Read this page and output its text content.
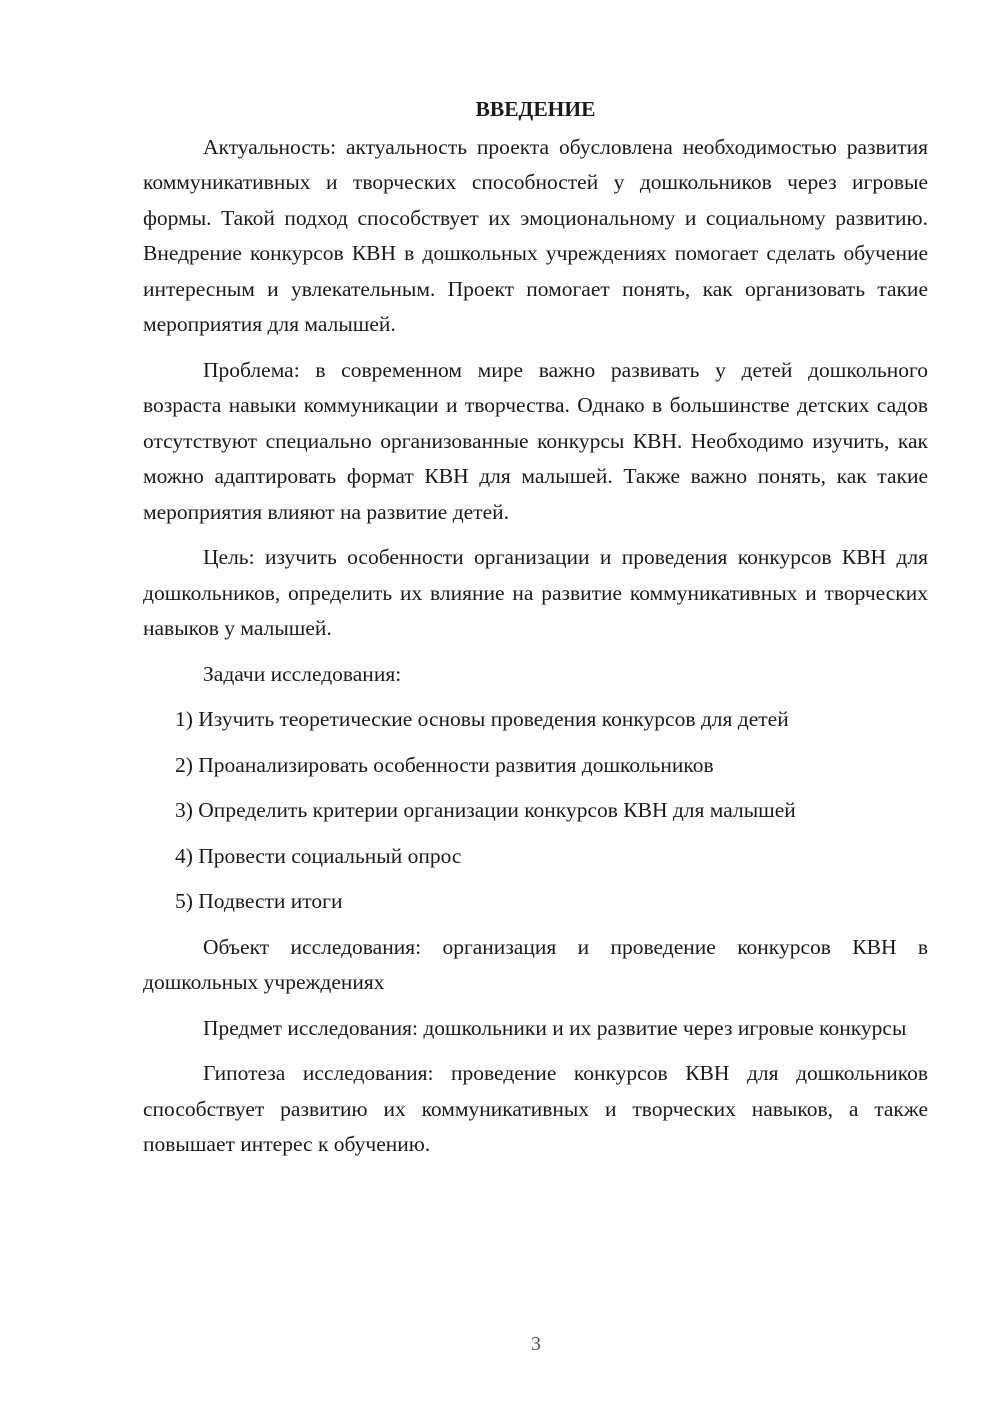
ВВЕДЕНИЕ

Актуальность: актуальность проекта обусловлена необходимостью развития коммуникативных и творческих способностей у дошкольников через игровые формы. Такой подход способствует их эмоциональному и социальному развитию. Внедрение конкурсов КВН в дошкольных учреждениях помогает сделать обучение интересным и увлекательным. Проект помогает понять, как организовать такие мероприятия для малышей.

Проблема: в современном мире важно развивать у детей дошкольного возраста навыки коммуникации и творчества. Однако в большинстве детских садов отсутствуют специально организованные конкурсы КВН. Необходимо изучить, как можно адаптировать формат КВН для малышей. Также важно понять, как такие мероприятия влияют на развитие детей.

Цель: изучить особенности организации и проведения конкурсов КВН для дошкольников, определить их влияние на развитие коммуникативных и творческих навыков у малышей.

Задачи исследования:

1) Изучить теоретические основы проведения конкурсов для детей
2) Проанализировать особенности развития дошкольников
3) Определить критерии организации конкурсов КВН для малышей
4) Провести социальный опрос
5) Подвести итоги

Объект исследования: организация и проведение конкурсов КВН в дошкольных учреждениях

Предмет исследования: дошкольники и их развитие через игровые конкурсы

Гипотеза исследования: проведение конкурсов КВН для дошкольников способствует развитию их коммуникативных и творческих навыков, а также повышает интерес к обучению.

3
